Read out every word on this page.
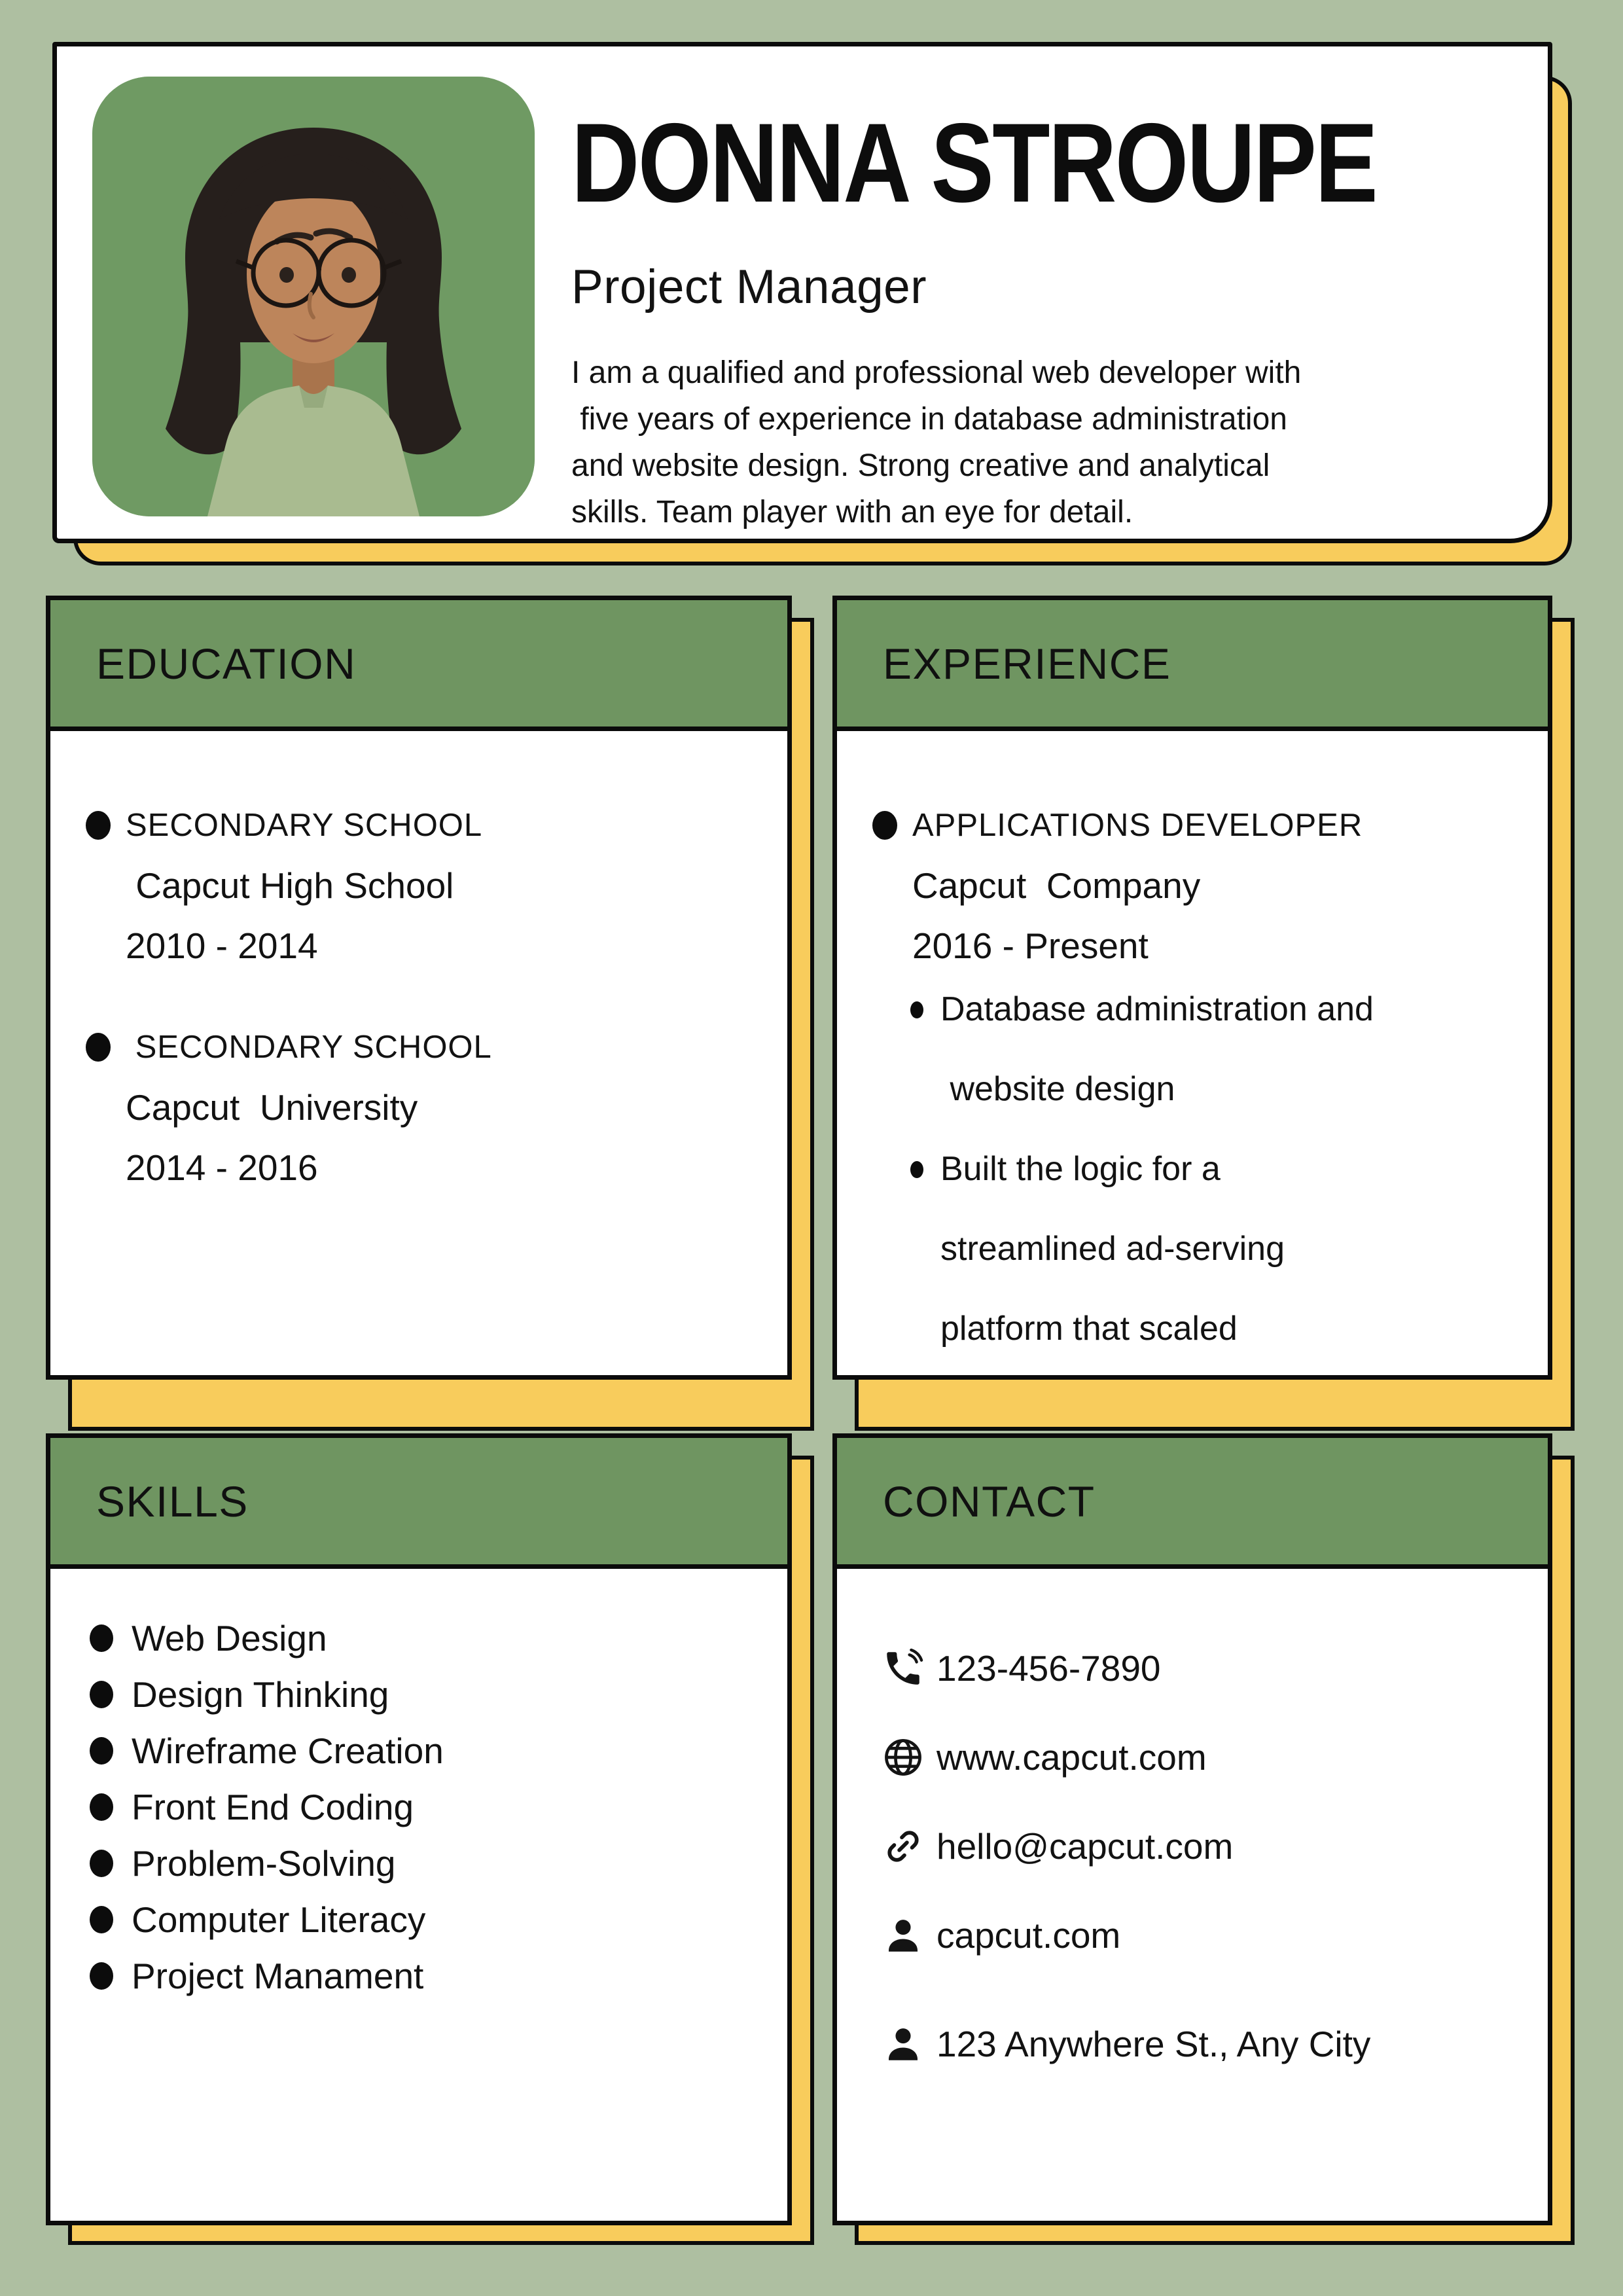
DONNA STROUPE
Project Manager
I am a qualified and professional web developer with
five years of experience in database administration
and website design. Strong creative and analytical
skills. Team player with an eye for detail.
EDUCATION
SECONDARY SCHOOL
Capcut High School
2010 - 2014
SECONDARY SCHOOL
Capcut  University
2014 - 2016
EXPERIENCE
APPLICATIONS DEVELOPER
Capcut  Company
2016 - Present
Database administration and
website design
Built the logic for a
streamlined ad-serving
platform that scaled
SKILLS
Web Design
Design Thinking
Wireframe Creation
Front End Coding
Problem-Solving
Computer Literacy
Project Manament
CONTACT
123-456-7890
www.capcut.com
hello@capcut.com
capcut.com
123 Anywhere St., Any City
